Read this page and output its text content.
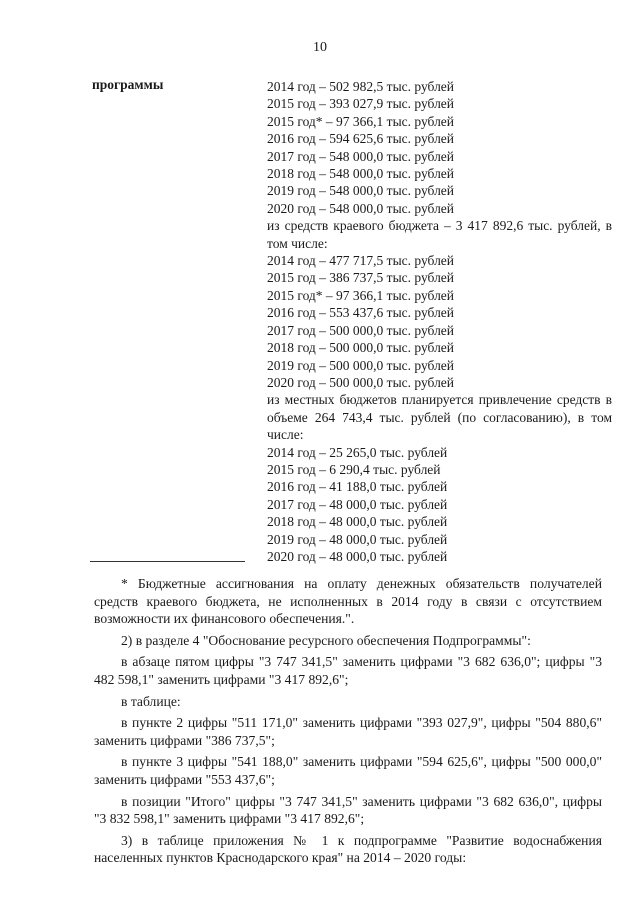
10
программы	2014 год – 502 982,5 тыс. рублей
2015 год – 393 027,9 тыс. рублей
2015 год* – 97 366,1 тыс. рублей
2016 год – 594 625,6 тыс. рублей
2017 год – 548 000,0 тыс. рублей
2018 год – 548 000,0 тыс. рублей
2019 год – 548 000,0 тыс. рублей
2020 год – 548 000,0 тыс. рублей
из средств краевого бюджета – 3 417 892,6 тыс. рублей, в том числе:
2014 год – 477 717,5 тыс. рублей
2015 год – 386 737,5 тыс. рублей
2015 год* – 97 366,1 тыс. рублей
2016 год – 553 437,6 тыс. рублей
2017 год – 500 000,0 тыс. рублей
2018 год – 500 000,0 тыс. рублей
2019 год – 500 000,0 тыс. рублей
2020 год – 500 000,0 тыс. рублей
из местных бюджетов планируется привлечение средств в объеме 264 743,4 тыс. рублей (по согласованию), в том числе:
2014 год – 25 265,0 тыс. рублей
2015 год – 6 290,4 тыс. рублей
2016 год – 41 188,0 тыс. рублей
2017 год – 48 000,0 тыс. рублей
2018 год – 48 000,0 тыс. рублей
2019 год – 48 000,0 тыс. рублей
2020 год – 48 000,0 тыс. рублей

* Бюджетные ассигнования на оплату денежных обязательств получателей средств краевого бюджета, не исполненных в 2014 году в связи с отсутствием возможности их финансового обеспечения.".

2) в разделе 4 "Обоснование ресурсного обеспечения Подпрограммы":

в абзаце пятом цифры "3 747 341,5" заменить цифрами "3 682 636,0"; цифры "3 482 598,1" заменить цифрами "3 417 892,6";

в таблице:

в пункте 2 цифры "511 171,0" заменить цифрами "393 027,9", цифры "504 880,6" заменить цифрами "386 737,5";

в пункте 3 цифры "541 188,0" заменить цифрами "594 625,6", цифры "500 000,0" заменить цифрами "553 437,6";

в позиции "Итого" цифры "3 747 341,5" заменить цифрами "3 682 636,0", цифры "3 832 598,1" заменить цифрами "3 417 892,6";

3) в таблице приложения № 1 к подпрограмме "Развитие водоснабжения населенных пунктов Краснодарского края" на 2014 – 2020 годы:
